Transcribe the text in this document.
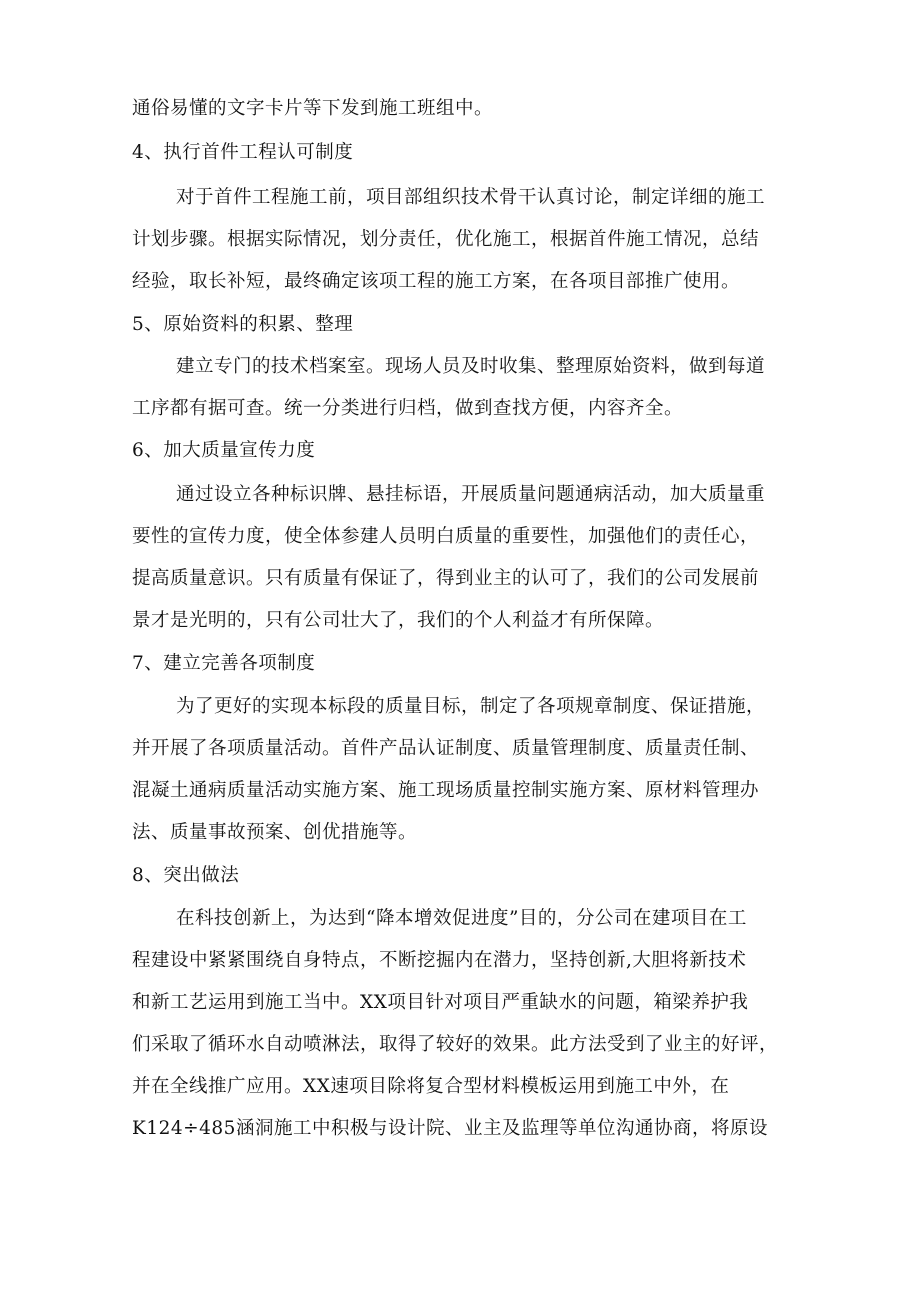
通俗易懂的文字卡片等下发到施工班组中。

4、执行首件工程认可制度

对于首件工程施工前，项目部组织技术骨干认真讨论，制定详细的施工

计划步骤。根据实际情况，划分责任，优化施工，根据首件施工情况，总结

经验，取长补短，最终确定该项工程的施工方案，在各项目部推广使用。

5、原始资料的积累、整理

建立专门的技术档案室。现场人员及时收集、整理原始资料，做到每道

工序都有据可查。统一分类进行归档，做到查找方便，内容齐全。

6、加大质量宣传力度

通过设立各种标识牌、悬挂标语，开展质量问题通病活动，加大质量重

要性的宣传力度，使全体参建人员明白质量的重要性，加强他们的责任心，

提高质量意识。只有质量有保证了，得到业主的认可了，我们的公司发展前

景才是光明的，只有公司壮大了，我们的个人利益才有所保障。

7、建立完善各项制度

为了更好的实现本标段的质量目标，制定了各项规章制度、保证措施，

并开展了各项质量活动。首件产品认证制度、质量管理制度、质量责任制、

混凝土通病质量活动实施方案、施工现场质量控制实施方案、原材料管理办

法、质量事故预案、创优措施等。

8、突出做法

在科技创新上，为达到“降本增效促进度”目的，分公司在建项目在工

程建设中紧紧围绕自身特点，不断挖掘内在潜力，坚持创新,大胆将新技术

和新工艺运用到施工当中。XX项目针对项目严重缺水的问题，箱梁养护我

们采取了循环水自动喷淋法，取得了较好的效果。此方法受到了业主的好评，

并在全线推广应用。XX速项目除将复合型材料模板运用到施工中外，在

K124÷485涵洞施工中积极与设计院、业主及监理等单位沟通协商，将原设
